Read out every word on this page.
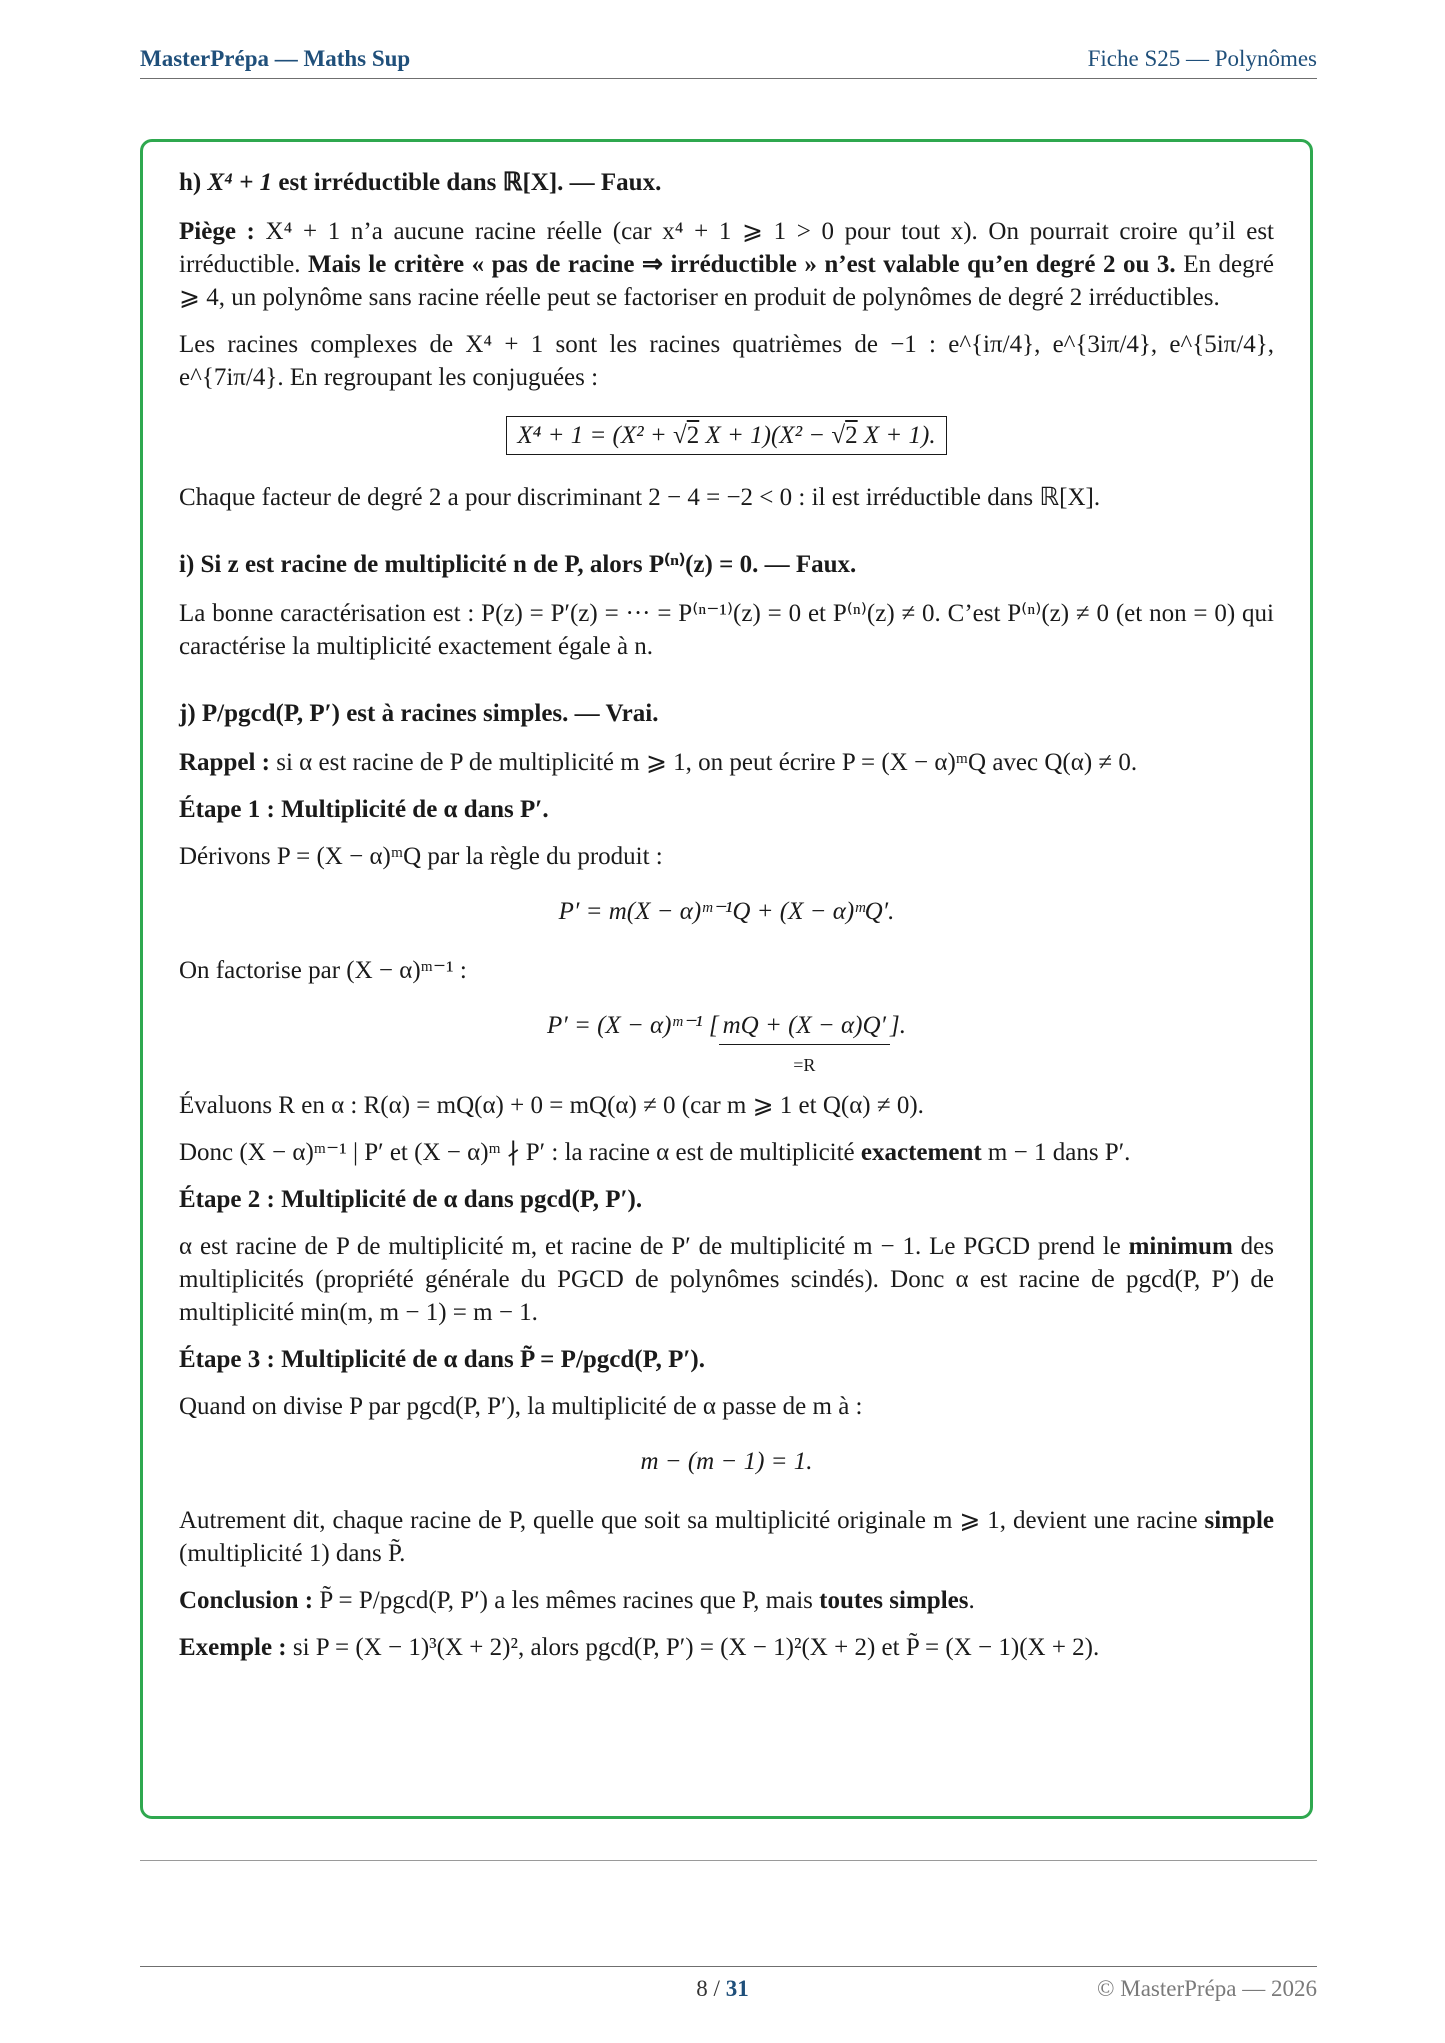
MasterPrépa — Maths Sup	Fiche S25 — Polynômes
h) X⁴ + 1 est irréductible dans ℝ[X]. — Faux.

Piège : X⁴ + 1 n’a aucune racine réelle (car x⁴ + 1 ⩾ 1 > 0 pour tout x). On pourrait croire qu’il est irréductible. Mais le critère « pas de racine ⇒ irréductible » n’est valable qu’en degré 2 ou 3. En degré ⩾ 4, un polynôme sans racine réelle peut se factoriser en produit de polynômes de degré 2 irréductibles.

Les racines complexes de X⁴ + 1 sont les racines quatrièmes de −1 : e^{iπ/4}, e^{3iπ/4}, e^{5iπ/4}, e^{7iπ/4}. En regroupant les conjuguées :

X⁴ + 1 = (X² + √2 X + 1)(X² − √2 X + 1).

Chaque facteur de degré 2 a pour discriminant 2 − 4 = −2 < 0 : il est irréductible dans ℝ[X].

i) Si z est racine de multiplicité n de P, alors P⁽ⁿ⁾(z) = 0. — Faux.

La bonne caractérisation est : P(z) = P′(z) = ··· = P⁽ⁿ⁻¹⁾(z) = 0 et P⁽ⁿ⁾(z) ≠ 0. C’est P⁽ⁿ⁾(z) ≠ 0 (et non = 0) qui caractérise la multiplicité exactement égale à n.

j) P/pgcd(P, P′) est à racines simples. — Vrai.

Rappel : si α est racine de P de multiplicité m ⩾ 1, on peut écrire P = (X − α)ᵐQ avec Q(α) ≠ 0.

Étape 1 : Multiplicité de α dans P′.

Dérivons P = (X − α)ᵐQ par la règle du produit :

P′ = m(X − α)ᵐ⁻¹Q + (X − α)ᵐQ′.

On factorise par (X − α)ᵐ⁻¹ :

P′ = (X − α)ᵐ⁻¹ [ mQ + (X − α)Q′
=R
].

Évaluons R en α : R(α) = mQ(α) + 0 = mQ(α) ≠ 0 (car m ⩾ 1 et Q(α) ≠ 0).

Donc (X − α)ᵐ⁻¹ | P′ et (X − α)ᵐ ∤ P′ : la racine α est de multiplicité exactement m − 1 dans P′.

Étape 2 : Multiplicité de α dans pgcd(P, P′).

α est racine de P de multiplicité m, et racine de P′ de multiplicité m − 1. Le PGCD prend le minimum des multiplicités (propriété générale du PGCD de polynômes scindés). Donc α est racine de pgcd(P, P′) de multiplicité min(m, m − 1) = m − 1.

Étape 3 : Multiplicité de α dans P̃ = P/pgcd(P, P′).

Quand on divise P par pgcd(P, P′), la multiplicité de α passe de m à :

m − (m − 1) = 1.

Autrement dit, chaque racine de P, quelle que soit sa multiplicité originale m ⩾ 1, devient une racine simple (multiplicité 1) dans P̃.

Conclusion : P̃ = P/pgcd(P, P′) a les mêmes racines que P, mais toutes simples.

Exemple : si P = (X − 1)³(X + 2)², alors pgcd(P, P′) = (X − 1)²(X + 2) et P̃ = (X − 1)(X + 2).

8 / 31	© MasterPrépa — 2026
